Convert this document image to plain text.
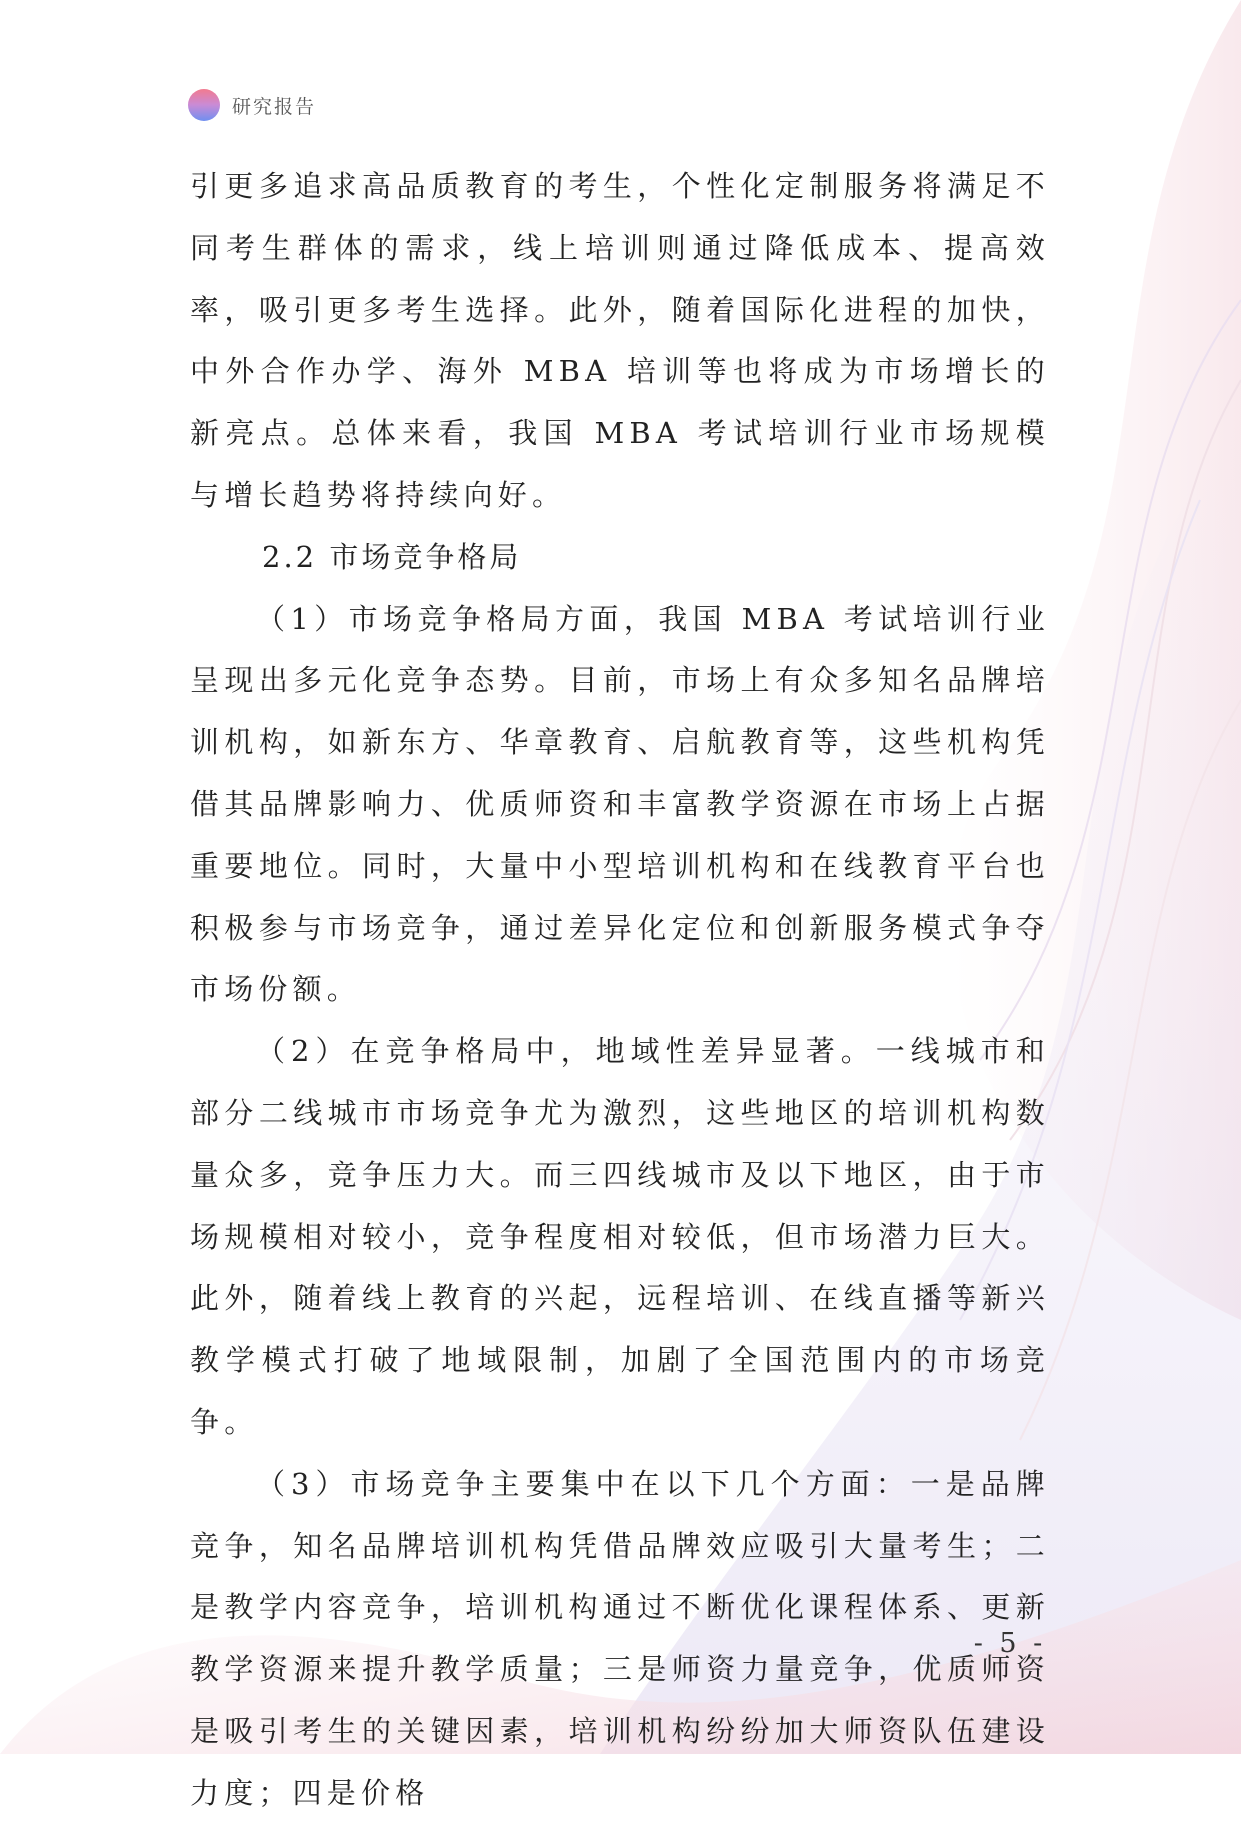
研究报告

引更多追求高品质教育的考生，个性化定制服务将满足不同考生群体的需求，线上培训则通过降低成本、提高效率，吸引更多考生选择。此外，随着国际化进程的加快，中外合作办学、海外 MBA 培训等也将成为市场增长的新亮点。总体来看，我国 MBA 考试培训行业市场规模与增长趋势将持续向好。

2.2 市场竞争格局

（1）市场竞争格局方面，我国 MBA 考试培训行业呈现出多元化竞争态势。目前，市场上有众多知名品牌培训机构，如新东方、华章教育、启航教育等，这些机构凭借其品牌影响力、优质师资和丰富教学资源在市场上占据重要地位。同时，大量中小型培训机构和在线教育平台也积极参与市场竞争，通过差异化定位和创新服务模式争夺市场份额。

（2）在竞争格局中，地域性差异显著。一线城市和部分二线城市市场竞争尤为激烈，这些地区的培训机构数量众多，竞争压力大。而三四线城市及以下地区，由于市场规模相对较小，竞争程度相对较低，但市场潜力巨大。此外，随着线上教育的兴起，远程培训、在线直播等新兴教学模式打破了地域限制，加剧了全国范围内的市场竞争。

（3）市场竞争主要集中在以下几个方面：一是品牌竞争，知名品牌培训机构凭借品牌效应吸引大量考生；二是教学内容竞争，培训机构通过不断优化课程体系、更新教学资源来提升教学质量；三是师资力量竞争，优质师资是吸引考生的关键因素，培训机构纷纷加大师资队伍建设力度；四是价格

- 5 -
